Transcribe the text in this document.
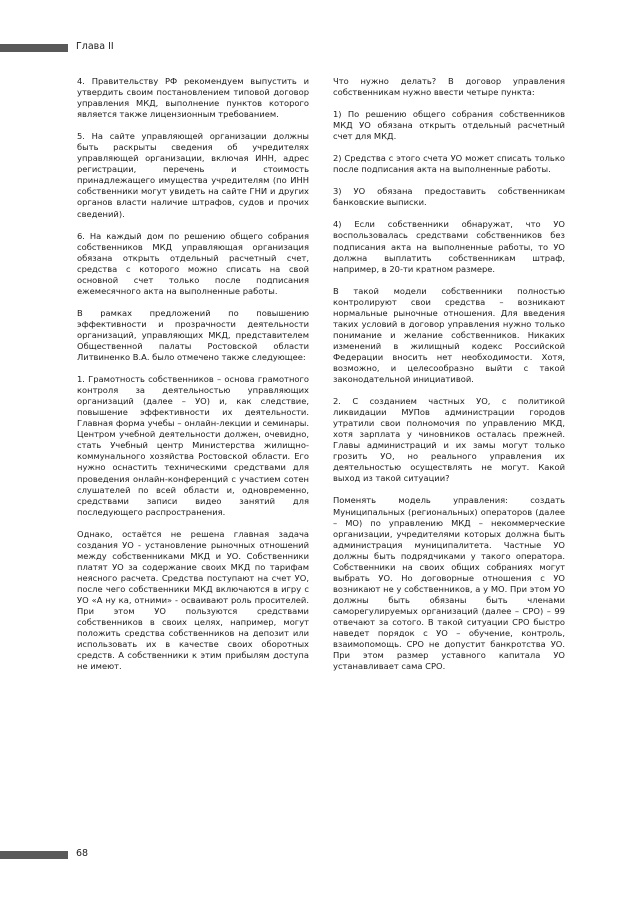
Глава II

4. Правительству РФ рекомендуем выпустить и утвердить своим постановлением типовой договор управления МКД, выполнение пунктов которого является также лицензионным требованием.

5. На сайте управляющей организации должны быть раскрыты сведения об учредителях управляющей организации, включая ИНН, адрес регистрации, перечень и стоимость принадлежащего имущества учредителям (по ИНН собственники могут увидеть на сайте ГНИ и других органов власти наличие штрафов, судов и прочих сведений).

6. На каждый дом по решению общего собрания собственников МКД управляющая организация обязана открыть отдельный расчетный счет, средства с которого можно списать на свой основной счет только после подписания ежемесячного акта на выполненные работы.

В рамках предложений по повышению эффективности и прозрачности деятельности организаций, управляющих МКД, представителем Общественной палаты Ростовской области Литвиненко В.А. было отмечено также следующее:

1. Грамотность собственников – основа грамотного контроля за деятельностью управляющих организаций (далее – УО) и, как следствие, повышение эффективности их деятельности. Главная форма учебы – онлайн-лекции и семинары. Центром учебной деятельности должен, очевидно, стать Учебный центр Министерства жилищно-коммунального хозяйства Ростовской области. Его нужно оснастить техническими средствами для проведения онлайн-конференций с участием сотен слушателей по всей области и, одновременно, средствами записи видео занятий для последующего распространения.

Однако, остаётся не решена главная задача создания УО - установление рыночных отношений между собственниками МКД и УО. Собственники платят УО за содержание своих МКД по тарифам неясного расчета. Средства поступают на счет УО, после чего собственники МКД включаются в игру с УО «А ну ка, отними» - осваивают роль просителей. При этом УО пользуются средствами собственников в своих целях, например, могут положить средства собственников на депозит или использовать их в качестве своих оборотных средств. А собственники к этим прибылям доступа не имеют.

Что нужно делать? В договор управления собственникам нужно ввести четыре пункта:

1) По решению общего собрания собственников МКД УО обязана открыть отдельный расчетный счет для МКД.

2) Средства с этого счета УО может списать только после подписания акта на выполненные работы.

3) УО обязана предоставить собственникам банковские выписки.

4) Если собственники обнаружат, что УО воспользовалась средствами собственников без подписания акта на выполненные работы, то УО должна выплатить собственникам штраф, например, в 20-ти кратном размере.

В такой модели собственники полностью контролируют свои средства – возникают нормальные рыночные отношения. Для введения таких условий в договор управления нужно только понимание и желание собственников. Никаких изменений в жилищный кодекс Российской Федерации вносить нет необходимости. Хотя, возможно, и целесообразно выйти с такой законодательной инициативой.

2. С созданием частных УО, с политикой ликвидации МУПов администрации городов утратили свои полномочия по управлению МКД, хотя зарплата у чиновников осталась прежней. Главы администраций и их замы могут только грозить УО, но реального управления их деятельностью осуществлять не могут. Какой выход из такой ситуации?

Поменять модель управления: создать Муниципальных (региональных) операторов (далее – МО) по управлению МКД – некоммерческие организации, учредителями которых должна быть администрация муниципалитета. Частные УО должны быть подрядчиками у такого оператора. Собственники на своих общих собраниях могут выбрать УО. Но договорные отношения с УО возникают не у собственников, а у МО. При этом УО должны быть обязаны быть членами саморегулируемых организаций (далее – СРО) – 99 отвечают за сотого. В такой ситуации СРО быстро наведет порядок с УО – обучение, контроль, взаимопомощь. СРО не допустит банкротства УО. При этом размер уставного капитала УО устанавливает сама СРО.

68
